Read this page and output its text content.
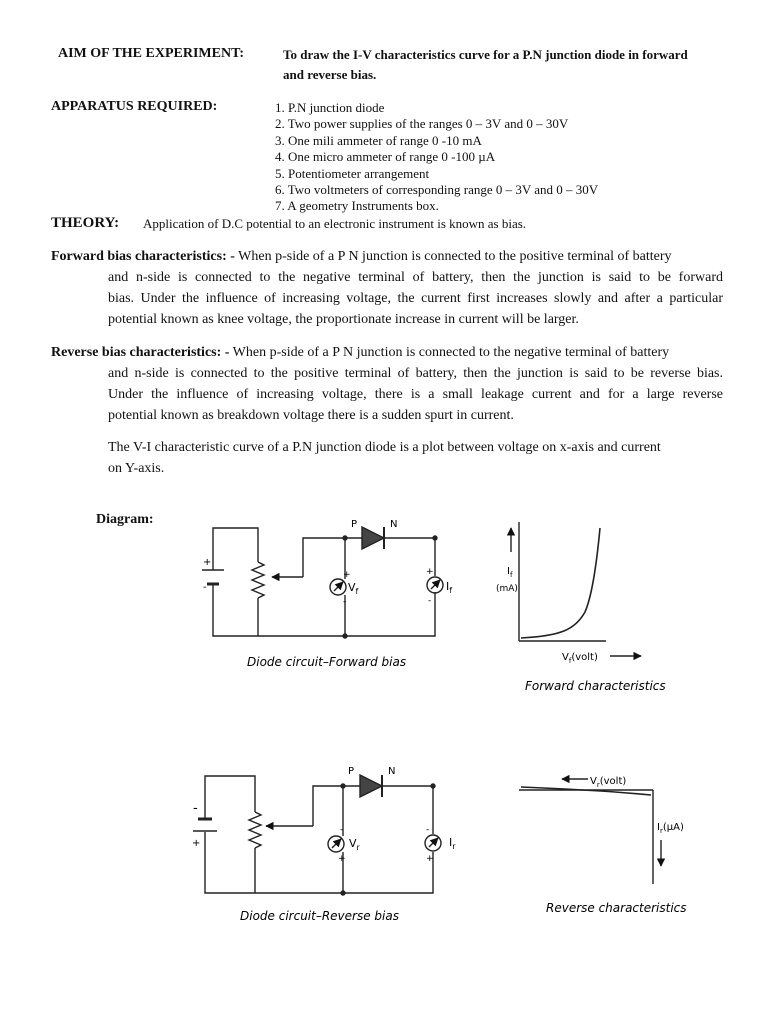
AIM OF THE EXPERIMENT:	To draw the I-V characteristics curve for a P.N junction diode in forward
and reverse bias.
APPARATUS REQUIRED:	1. P.N junction diode
2. Two power supplies of the ranges 0 – 3V and 0 – 30V
3. One mili ammeter of range 0 -10 mA
4. One micro ammeter of range 0 -100 µA
5. Potentiometer arrangement
6. Two voltmeters of corresponding range 0 – 3V and 0 – 30V
7. A geometry Instruments box.
THEORY: Application of D.C potential to an electronic instrument is known as bias.
Forward bias characteristics: - When p-side of a P N junction is connected to the positive terminal of battery
and n-side is connected to the negative terminal of battery, then the junction is said to be forward
bias. Under the influence of increasing voltage, the current first increases slowly and after a particular
potential known as knee voltage, the proportionate increase in current will be larger.
Reverse bias characteristics: - When p-side of a P N junction is connected to the negative terminal of battery
and n-side is connected to the positive terminal of battery, then the junction is said to be reverse bias.
Under the influence of increasing voltage, there is a small leakage current and for a large reverse
potential known as breakdown voltage there is a sudden spurt in current.
The V-I characteristic curve of a P.N junction diode is a plot between voltage on x-axis and current
on Y-axis.
Diagram:	P	N
+
-
+
-
$V_f$
+
-
$I_f$
Diode circuit–Forward bias
$I_f$
(mA)
$V_f(volt)$
Forward characteristics
P	N
-
+
-
+
$V_r$
-
+
$I_r$
Diode circuit–Reverse bias
$V_r(volt)$
$I_r(\mu A)$
Reverse characteristics
